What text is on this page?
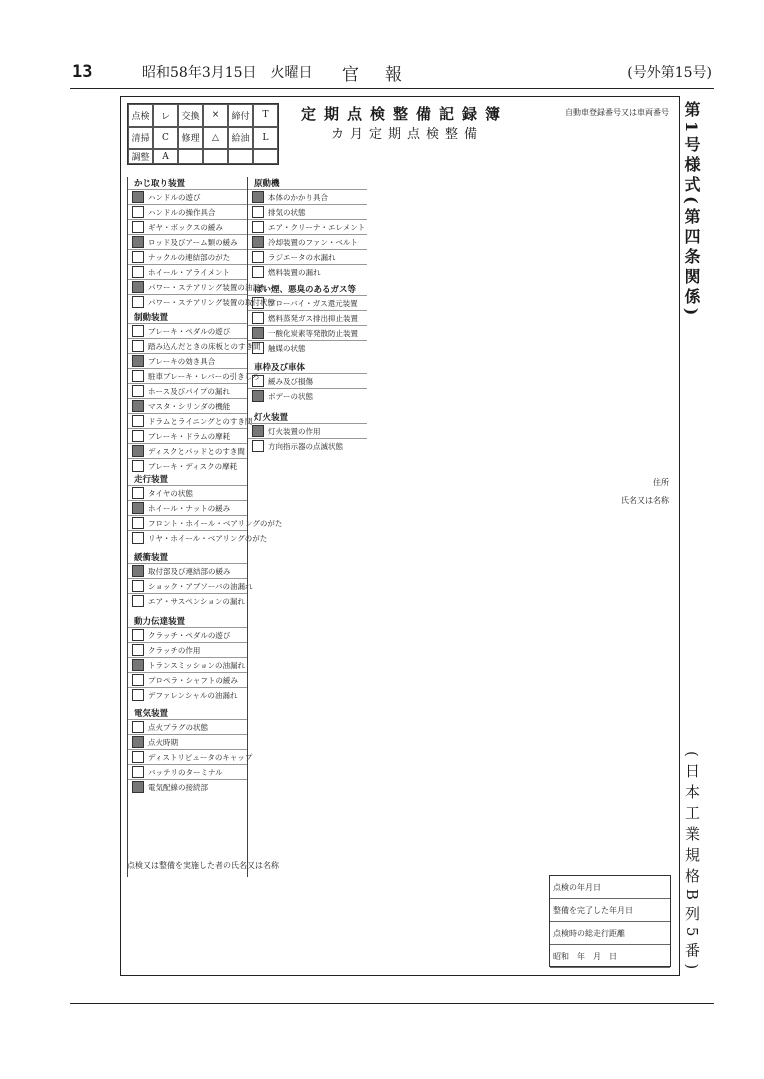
13	昭和58年3月15日　火曜日	官報	(号外第15号)
第1号様式(第四条関係)
(日本工業規格B列5番)
点検	レ	交換	×	締付	T
清掃	C	修理	△	給油	L
調整	A
定期点検整備記録簿
カ月定期点検整備
かじ取り装置
ハンドルの遊び
ハンドルの操作具合
ギヤ・ボックスの緩み
ロッド及びアーム類の緩み
ナックルの連結部のがた
ホイール・アライメント
パワー・ステアリング装置の油漏れ
パワー・ステアリング装置の取付状態
制動装置
ブレーキ・ペダルの遊び
踏み込んだときの床板とのすき間
ブレーキの効き具合
駐車ブレーキ・レバーの引きしろ
ホース及びパイプの漏れ
マスタ・シリンダの機能
ドラムとライニングとのすき間
ブレーキ・ドラムの摩耗
ディスクとパッドとのすき間
ブレーキ・ディスクの摩耗
走行装置
タイヤの状態
ホイール・ナットの緩み
フロント・ホイール・ベアリングのがた
リヤ・ホイール・ベアリングのがた
緩衝装置
取付部及び連結部の緩み
ショック・アブソーバの油漏れ
エア・サスペンションの漏れ
動力伝達装置
クラッチ・ペダルの遊び
クラッチの作用
トランスミッションの油漏れ
プロペラ・シャフトの緩み
デファレンシャルの油漏れ
電気装置
点火プラグの状態
点火時期
ディストリビュータのキャップ
バッテリのターミナル
電気配線の接続部
原動機
本体のかかり具合
排気の状態
エア・クリーナ・エレメント
冷却装置のファン・ベルト
ラジエータの水漏れ
燃料装置の漏れ
ばい煙、悪臭のあるガス等
ブローバイ・ガス還元装置
燃料蒸発ガス排出抑止装置
一酸化炭素等発散防止装置
触媒の状態
車枠及び車体
緩み及び損傷
ボデーの状態
灯火装置
灯火装置の作用
方向指示器の点滅状態
自動車登録番号又は車両番号
住所
氏名又は名称
点検又は整備を実施した者の氏名又は名称
点検の年月日
整備を完了した年月日
点検時の総走行距離
昭和　年　月　日
